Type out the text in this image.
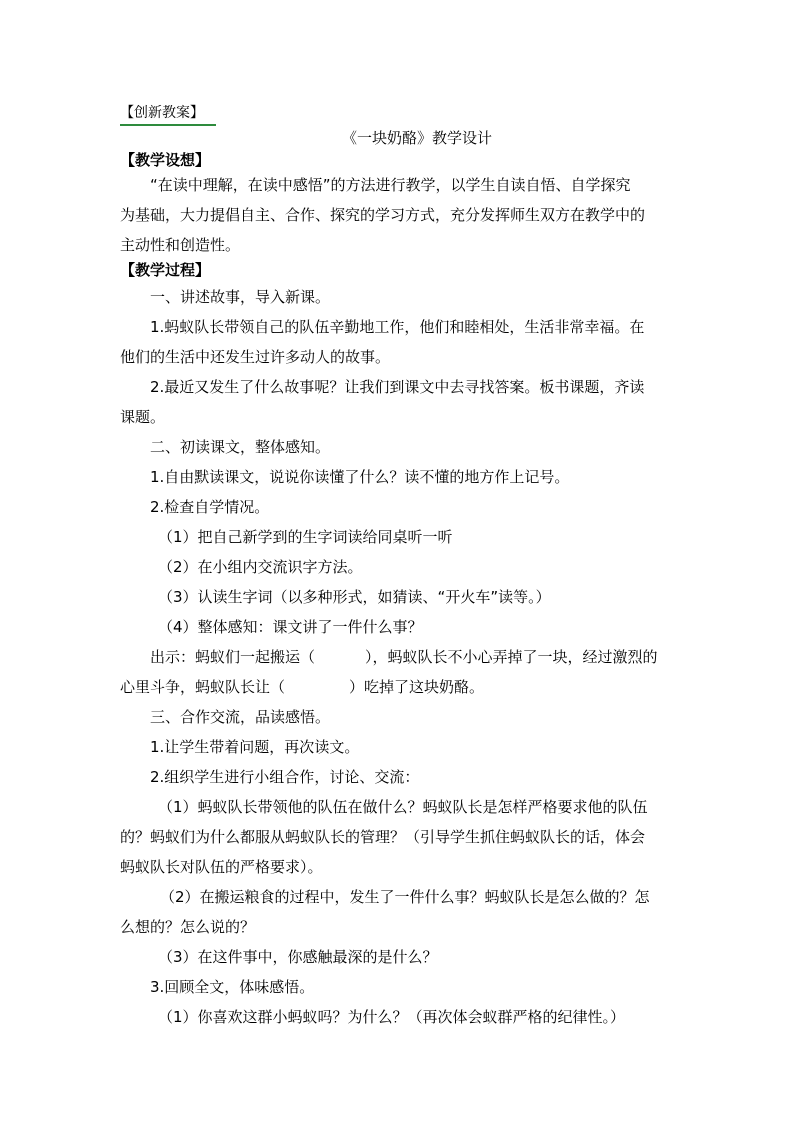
【创新教案】
《一块奶酪》教学设计

【教学设想】

“在读中理解，在读中感悟”的方法进行教学，以学生自读自悟、自学探究

为基础，大力提倡自主、合作、探究的学习方式，充分发挥师生双方在教学中的

主动性和创造性。

【教学过程】

一、讲述故事，导入新课。

1.蚂蚁队长带领自己的队伍辛勤地工作，他们和睦相处，生活非常幸福。在

他们的生活中还发生过许多动人的故事。

2.最近又发生了什么故事呢？让我们到课文中去寻找答案。板书课题，齐读

课题。

二、初读课文，整体感知。

1.自由默读课文，说说你读懂了什么？读不懂的地方作上记号。

2.检查自学情况。

（1）把自己新学到的生字词读给同桌听一听

（2）在小组内交流识字方法。

（3）认读生字词（以多种形式，如猜读、“开火车”读等。）

（4）整体感知：课文讲了一件什么事？

出示：蚂蚁们一起搬运（	），蚂蚁队长不小心弄掉了一块，经过激烈的

心里斗争，蚂蚁队长让（	）吃掉了这块奶酪。

三、合作交流，品读感悟。

1.让学生带着问题，再次读文。

2.组织学生进行小组合作，讨论、交流：

（1）蚂蚁队长带领他的队伍在做什么？蚂蚁队长是怎样严格要求他的队伍

的？蚂蚁们为什么都服从蚂蚁队长的管理？（引导学生抓住蚂蚁队长的话，体会

蚂蚁队长对队伍的严格要求）。

（2）在搬运粮食的过程中，发生了一件什么事？蚂蚁队长是怎么做的？怎

么想的？怎么说的？

（3）在这件事中，你感触最深的是什么？

3.回顾全文，体味感悟。

（1）你喜欢这群小蚂蚁吗？为什么？（再次体会蚁群严格的纪律性。）
